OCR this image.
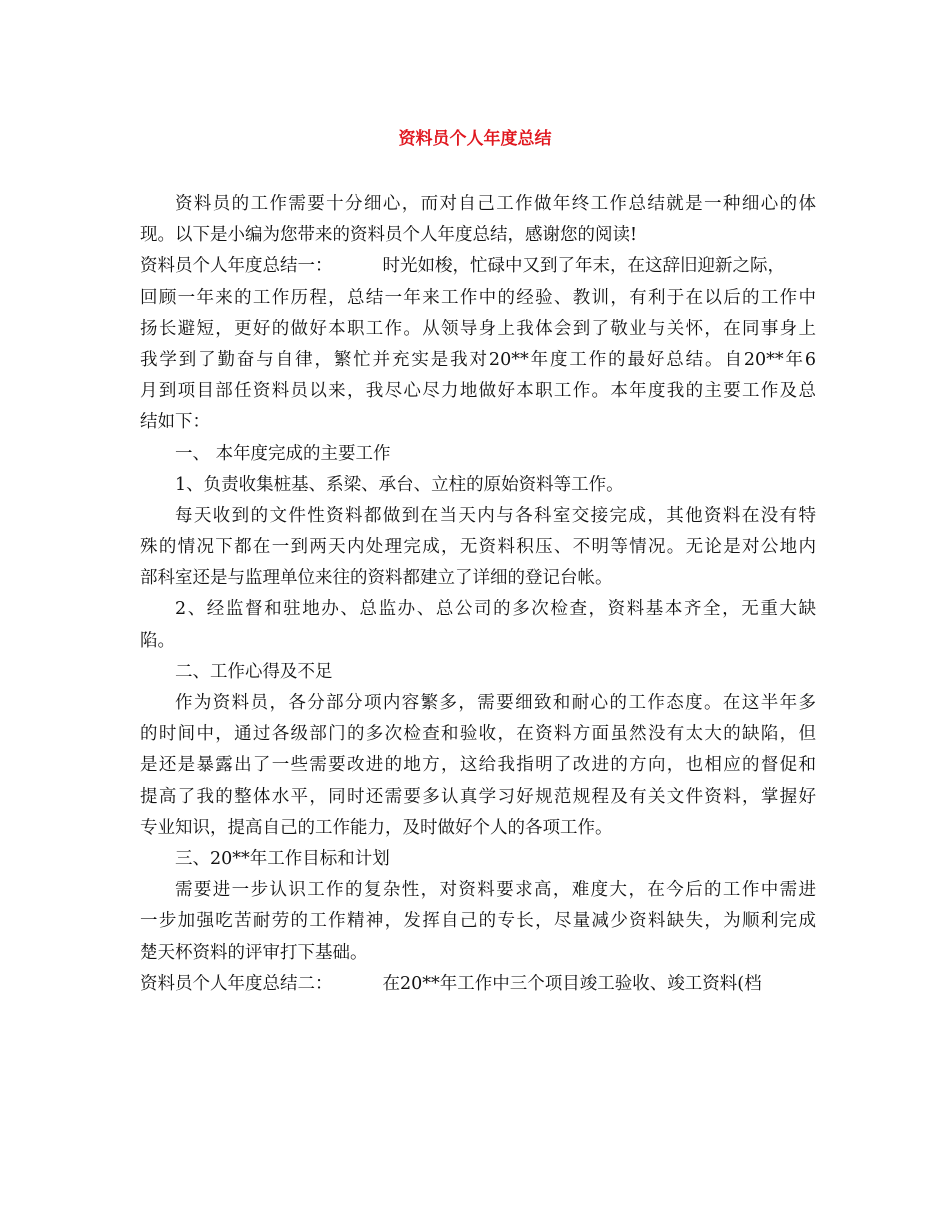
资料员个人年度总结
资料员的工作需要十分细心，而对自己工作做年终工作总结就是一种细心的体
现。以下是小编为您带来的资料员个人年度总结，感谢您的阅读!
资料员个人年度总结一：	时光如梭，忙碌中又到了年末，在这辞旧迎新之际，
回顾一年来的工作历程，总结一年来工作中的经验、教训，有利于在以后的工作中
扬长避短，更好的做好本职工作。从领导身上我体会到了敬业与关怀，在同事身上
我学到了勤奋与自律，繁忙并充实是我对20**年度工作的最好总结。自20**年6
月到项目部任资料员以来，我尽心尽力地做好本职工作。本年度我的主要工作及总
结如下：
一、 本年度完成的主要工作
1、负责收集桩基、系梁、承台、立柱的原始资料等工作。
每天收到的文件性资料都做到在当天内与各科室交接完成，其他资料在没有特
殊的情况下都在一到两天内处理完成，无资料积压、不明等情况。无论是对公地内
部科室还是与监理单位来往的资料都建立了详细的登记台帐。
2、经监督和驻地办、总监办、总公司的多次检查，资料基本齐全，无重大缺
陷。
二、工作心得及不足
作为资料员，各分部分项内容繁多，需要细致和耐心的工作态度。在这半年多
的时间中，通过各级部门的多次检查和验收，在资料方面虽然没有太大的缺陷，但
是还是暴露出了一些需要改进的地方，这给我指明了改进的方向，也相应的督促和
提高了我的整体水平，同时还需要多认真学习好规范规程及有关文件资料，掌握好
专业知识，提高自己的工作能力，及时做好个人的各项工作。
三、20**年工作目标和计划
需要进一步认识工作的复杂性，对资料要求高，难度大，在今后的工作中需进
一步加强吃苦耐劳的工作精神，发挥自己的专长，尽量减少资料缺失，为顺利完成
楚天杯资料的评审打下基础。
资料员个人年度总结二：	在20**年工作中三个项目竣工验收、竣工资料(档
